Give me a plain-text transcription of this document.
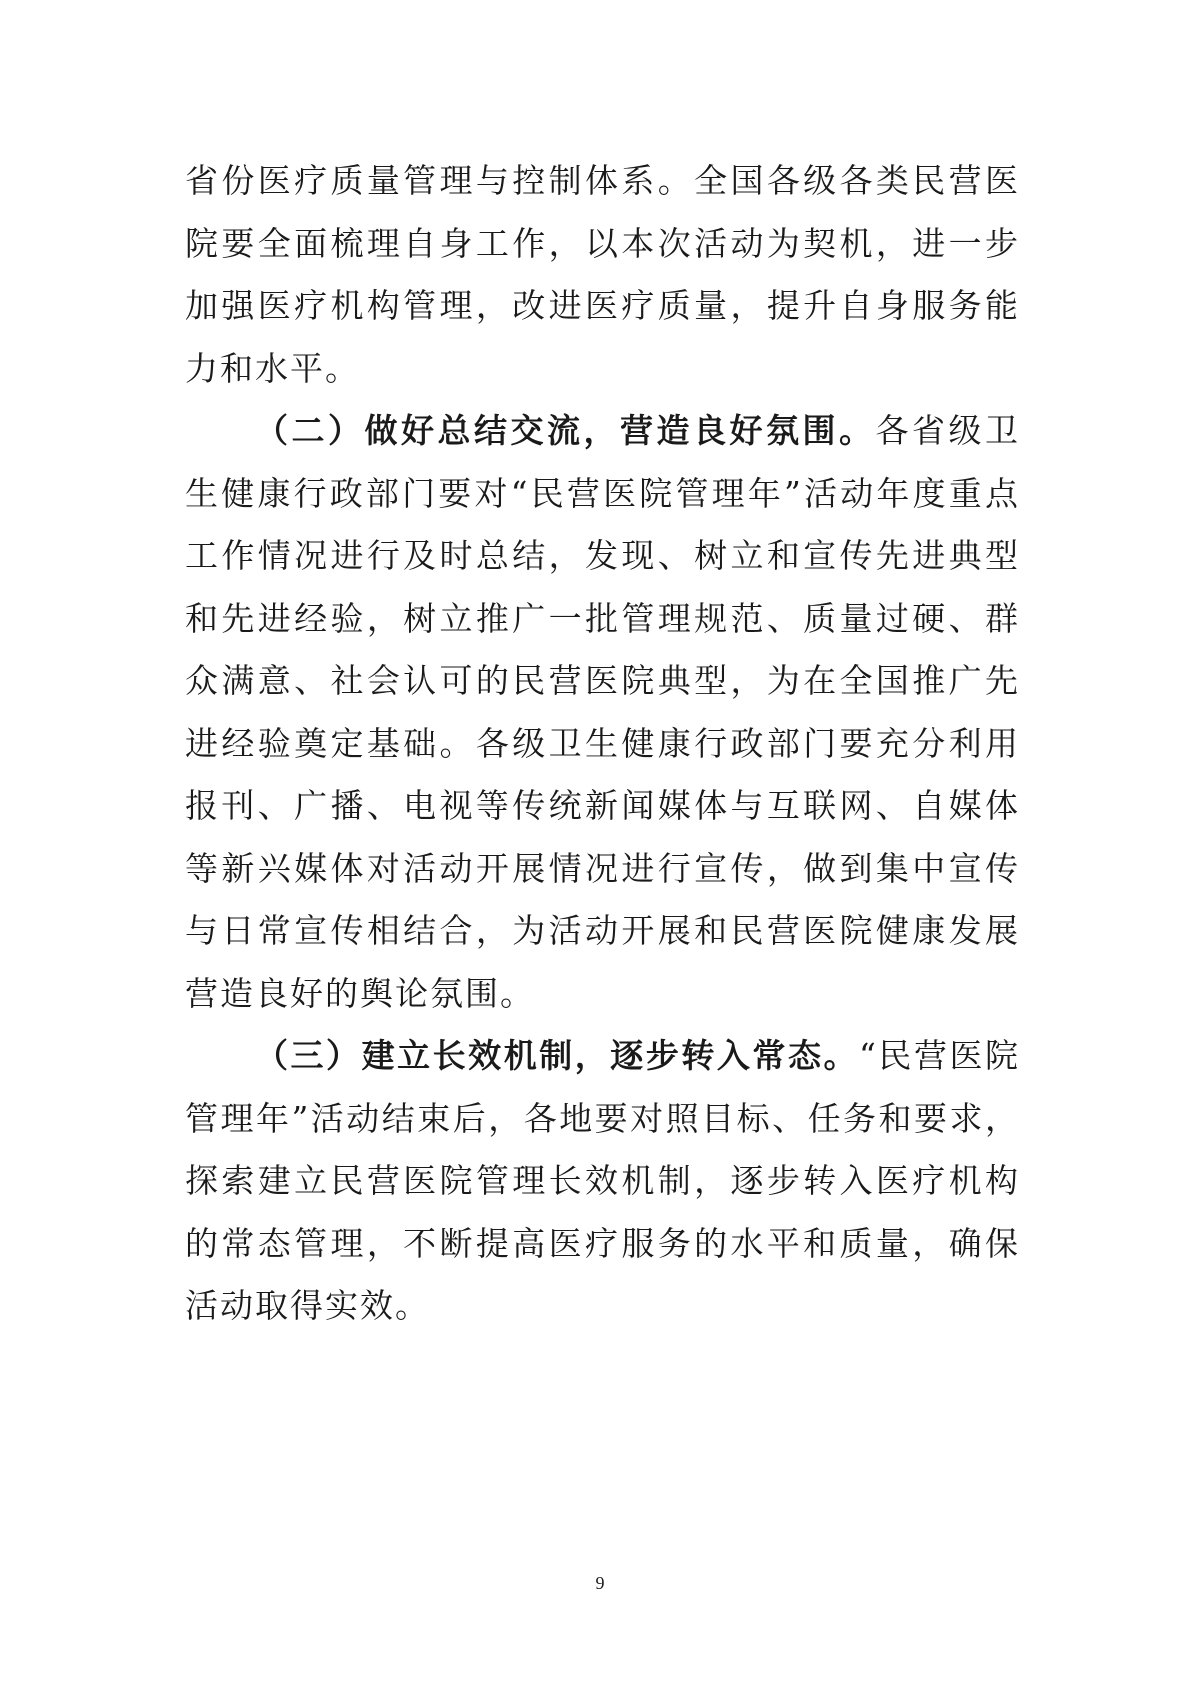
省份医疗质量管理与控制体系。全国各级各类民营医院要全面梳理自身工作，以本次活动为契机，进一步加强医疗机构管理，改进医疗质量，提升自身服务能力和水平。

（二）做好总结交流，营造良好氛围。各省级卫生健康行政部门要对“民营医院管理年”活动年度重点工作情况进行及时总结，发现、树立和宣传先进典型和先进经验，树立推广一批管理规范、质量过硬、群众满意、社会认可的民营医院典型，为在全国推广先进经验奠定基础。各级卫生健康行政部门要充分利用报刊、广播、电视等传统新闻媒体与互联网、自媒体等新兴媒体对活动开展情况进行宣传，做到集中宣传与日常宣传相结合，为活动开展和民营医院健康发展营造良好的舆论氛围。

（三）建立长效机制，逐步转入常态。“民营医院管理年”活动结束后，各地要对照目标、任务和要求，探索建立民营医院管理长效机制，逐步转入医疗机构的常态管理，不断提高医疗服务的水平和质量，确保活动取得实效。

9
